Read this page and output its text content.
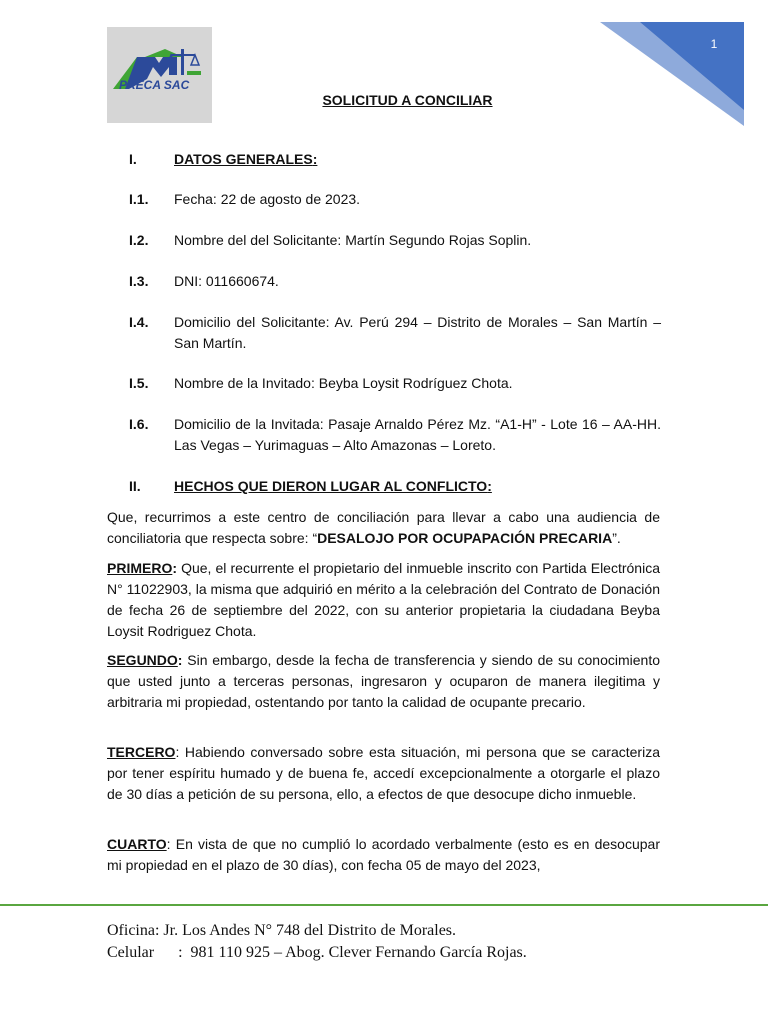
PRECA SAC
1
SOLICITUD A CONCILIAR
I.	DATOS GENERALES:
I.1. Fecha: 22 de agosto de 2023.
I.2. Nombre del del Solicitante: Martín Segundo Rojas Soplin.
I.3. DNI: 011660674.
I.4. Domicilio del Solicitante: Av. Perú 294 – Distrito de Morales – San Martín – San Martín.
I.5. Nombre de la Invitado: Beyba Loysit Rodríguez Chota.
I.6. Domicilio de la Invitada: Pasaje Arnaldo Pérez Mz. “A1-H” - Lote 16 – AA-HH. Las Vegas – Yurimaguas – Alto Amazonas – Loreto.
II. HECHOS QUE DIERON LUGAR AL CONFLICTO:

Que, recurrimos a este centro de conciliación para llevar a cabo una audiencia de conciliatoria que respecta sobre: “DESALOJO POR OCUPAPACIÓN PRECARIA”.

PRIMERO: Que, el recurrente el propietario del inmueble inscrito con Partida Electrónica N° 11022903, la misma que adquirió en mérito a la celebración del Contrato de Donación de fecha 26 de septiembre del 2022, con su anterior propietaria la ciudadana Beyba Loysit Rodriguez Chota.

SEGUNDO: Sin embargo, desde la fecha de transferencia y siendo de su conocimiento que usted junto a terceras personas, ingresaron y ocuparon de manera ilegitima y arbitraria mi propiedad, ostentando por tanto la calidad de ocupante precario.

TERCERO: Habiendo conversado sobre esta situación, mi persona que se caracteriza por tener espíritu humado y de buena fe, accedí excepcionalmente a otorgarle el plazo de 30 días a petición de su persona, ello, a efectos de que desocupe dicho inmueble.

CUARTO: En vista de que no cumplió lo acordado verbalmente (esto es en desocupar mi propiedad en el plazo de 30 días), con fecha 05 de mayo del 2023,

Oficina: Jr. Los Andes N° 748 del Distrito de Morales.
Celular      :  981 110 925 – Abog. Clever Fernando García Rojas.
